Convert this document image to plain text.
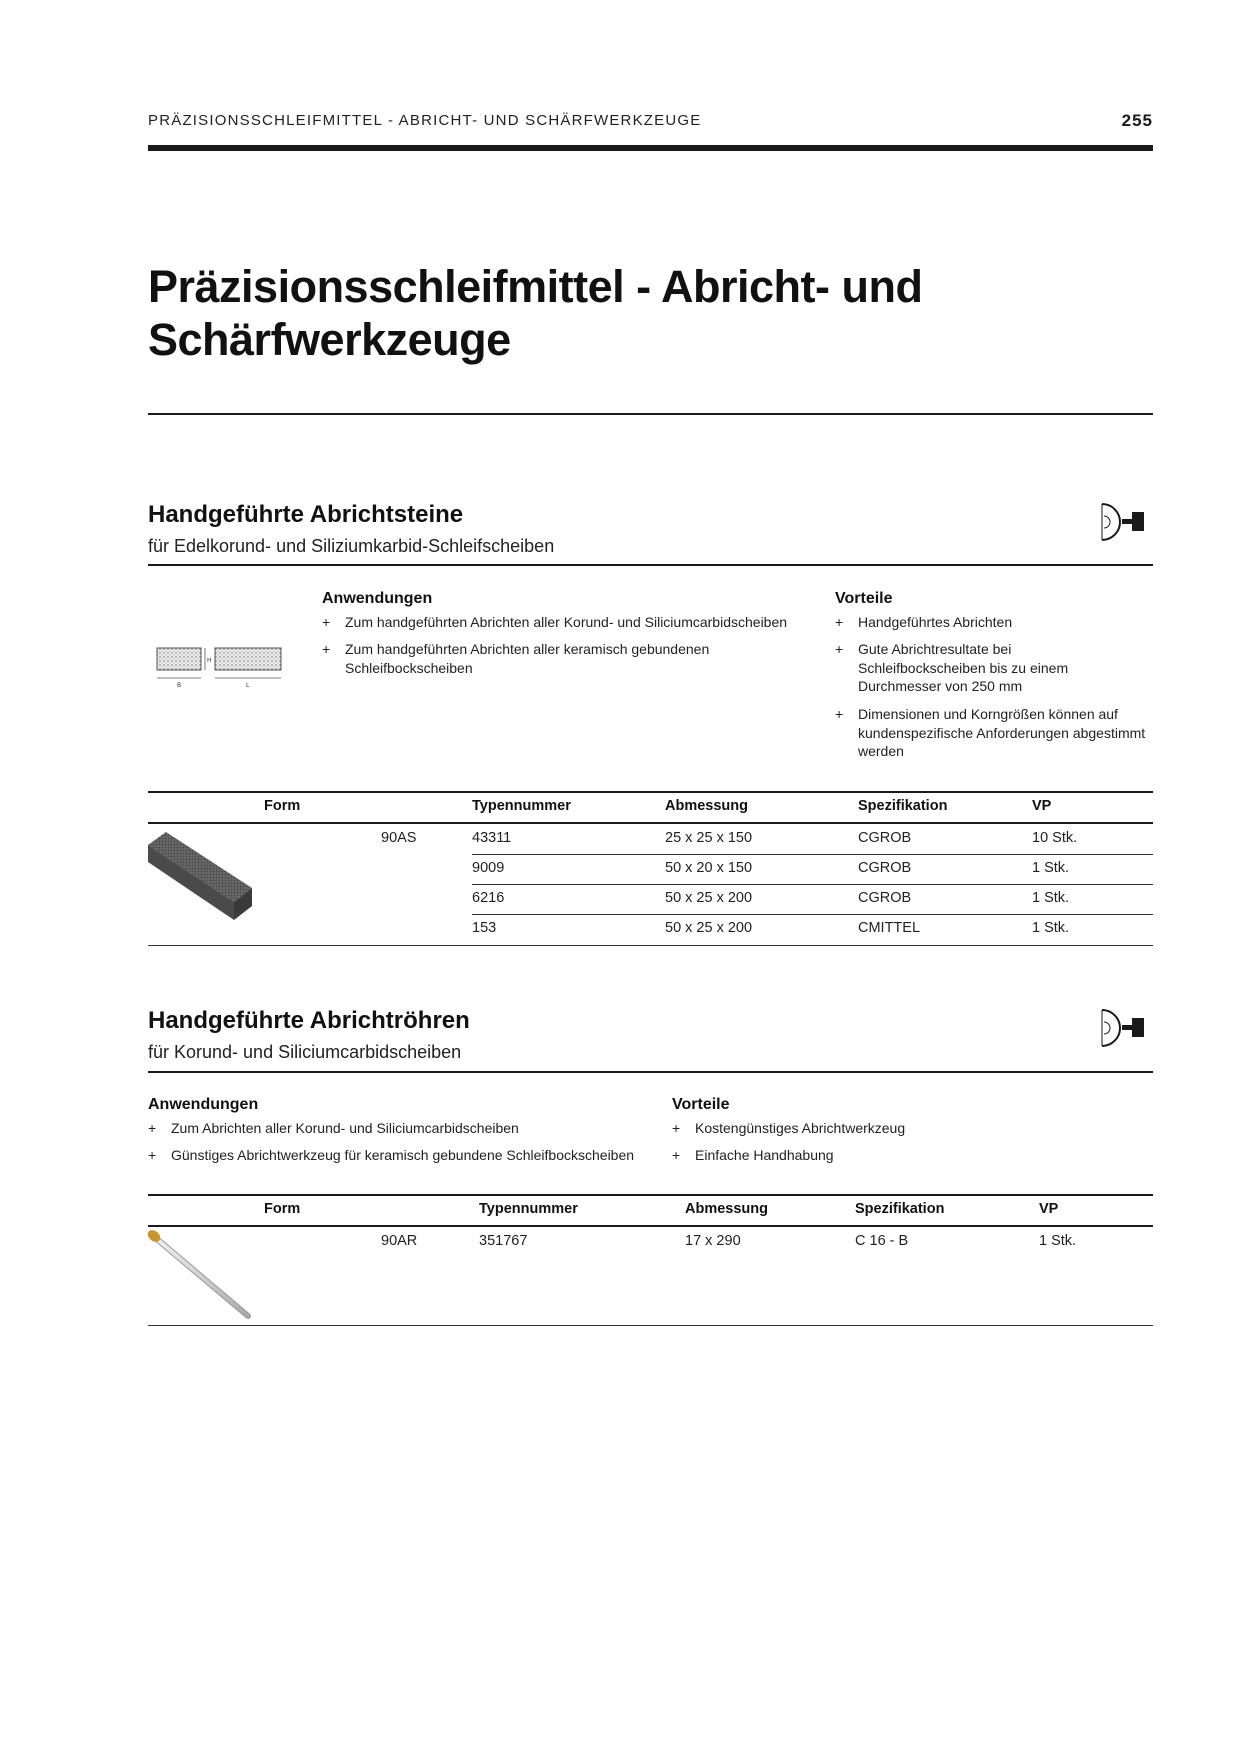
PRÄZISIONSSCHLEIFMITTEL - ABRICHT- UND SCHÄRFWERKZEUGE	255
Präzisionsschleifmittel - Abricht- und
Schärfwerkzeuge
Handgeführte Abrichtsteine
für Edelkorund- und Siliziumkarbid-Schleifscheiben
H
B	L
Anwendungen
+ Zum handgeführten Abrichten aller Korund- und Siliciumcarbidscheiben
+ Zum handgeführten Abrichten aller keramisch gebundenen Schleifbockscheiben
Vorteile
+ Handgeführtes Abrichten
+ Gute Abrichtresultate bei Schleifbockscheiben bis zu einem Durchmesser von 250 mm
+ Dimensionen und Korngrößen können auf kundenspezifische Anforderungen abgestimmt werden
Form	Typennummer	Abmessung	Spezifikation	VP
90AS	43311	25 x 25 x 150	CGROB	10 Stk.
9009	50 x 20 x 150	CGROB	1 Stk.
6216	50 x 25 x 200	CGROB	1 Stk.
153	50 x 25 x 200	CMITTEL	1 Stk.
Handgeführte Abrichtröhren
für Korund- und Siliciumcarbidscheiben
Anwendungen
+ Zum Abrichten aller Korund- und Siliciumcarbidscheiben
+ Günstiges Abrichtwerkzeug für keramisch gebundene Schleifbockscheiben
Vorteile
+ Kostengünstiges Abrichtwerkzeug
+ Einfache Handhabung
Form	Typennummer	Abmessung	Spezifikation	VP
90AR	351767	17 x 290	C 16 - B	1 Stk.
